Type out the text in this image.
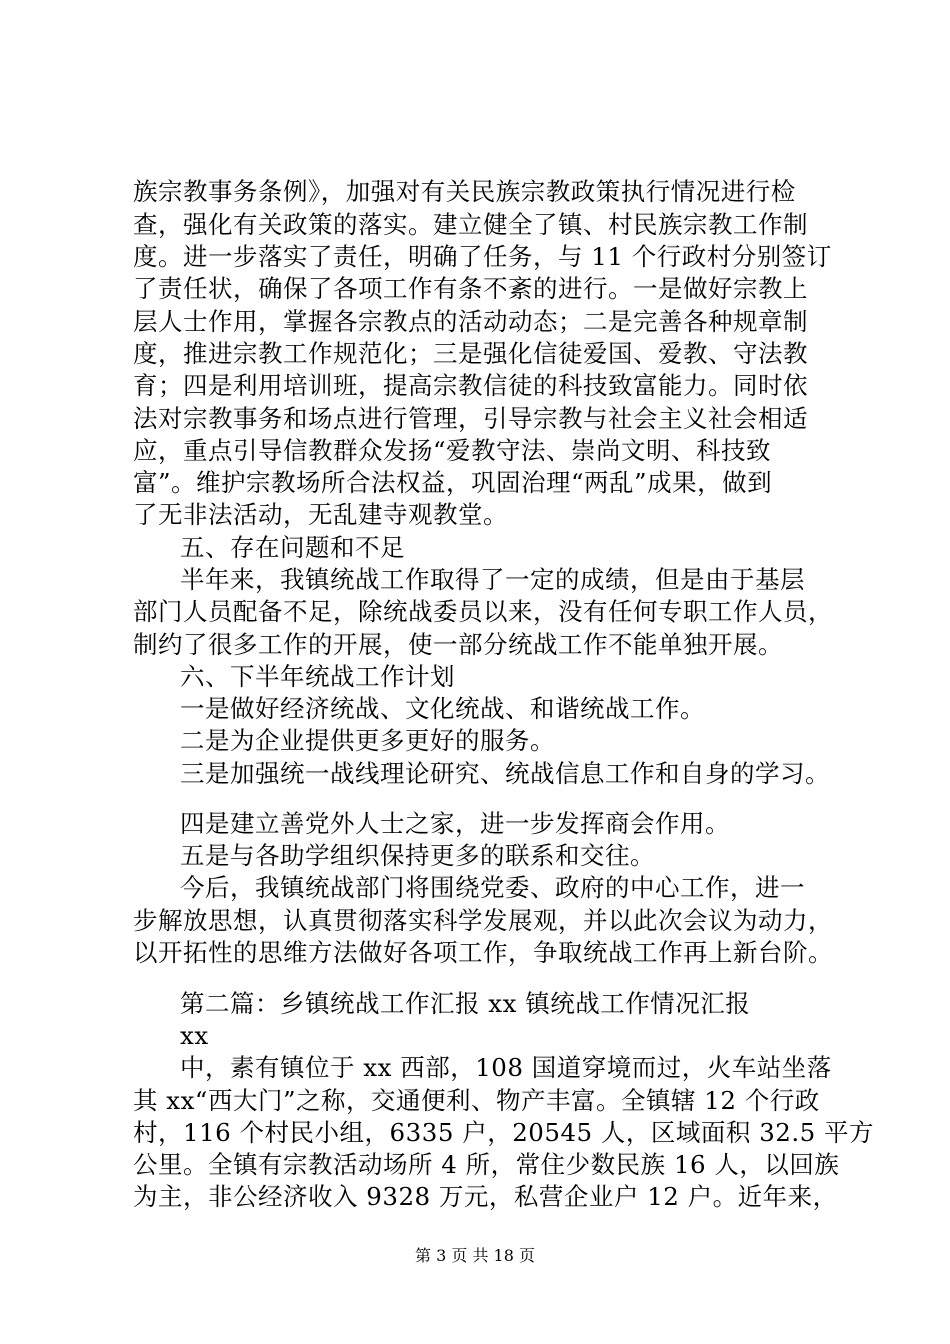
族宗教事务条例》，加强对有关民族宗教政策执行情况进行检
查，强化有关政策的落实。建立健全了镇、村民族宗教工作制
度。进一步落实了责任，明确了任务，与 11 个行政村分别签订
了责任状，确保了各项工作有条不紊的进行。一是做好宗教上
层人士作用，掌握各宗教点的活动动态；二是完善各种规章制
度，推进宗教工作规范化；三是强化信徒爱国、爱教、守法教
育；四是利用培训班，提高宗教信徒的科技致富能力。同时依
法对宗教事务和场点进行管理，引导宗教与社会主义社会相适
应，重点引导信教群众发扬“爱教守法、崇尚文明、科技致
富”。维护宗教场所合法权益，巩固治理“两乱”成果，做到
了无非法活动，无乱建寺观教堂。
五、存在问题和不足
半年来，我镇统战工作取得了一定的成绩，但是由于基层
部门人员配备不足，除统战委员以来，没有任何专职工作人员，
制约了很多工作的开展，使一部分统战工作不能单独开展。
六、下半年统战工作计划
一是做好经济统战、文化统战、和谐统战工作。
二是为企业提供更多更好的服务。
三是加强统一战线理论研究、统战信息工作和自身的学习。
四是建立善党外人士之家，进一步发挥商会作用。
五是与各助学组织保持更多的联系和交往。
今后，我镇统战部门将围绕党委、政府的中心工作，进一
步解放思想，认真贯彻落实科学发展观，并以此次会议为动力，
以开拓性的思维方法做好各项工作，争取统战工作再上新台阶。
第二篇：乡镇统战工作汇报 xx 镇统战工作情况汇报
xx
中，素有镇位于 xx 西部，108 国道穿境而过，火车站坐落
其 xx“西大门”之称，交通便利、物产丰富。全镇辖 12 个行政
村，116 个村民小组，6335 户，20545 人，区域面积 32.5 平方
公里。全镇有宗教活动场所 4 所，常住少数民族 16 人，以回族
为主，非公经济收入 9328 万元，私营企业户 12 户。近年来，
第 3 页 共 18 页
